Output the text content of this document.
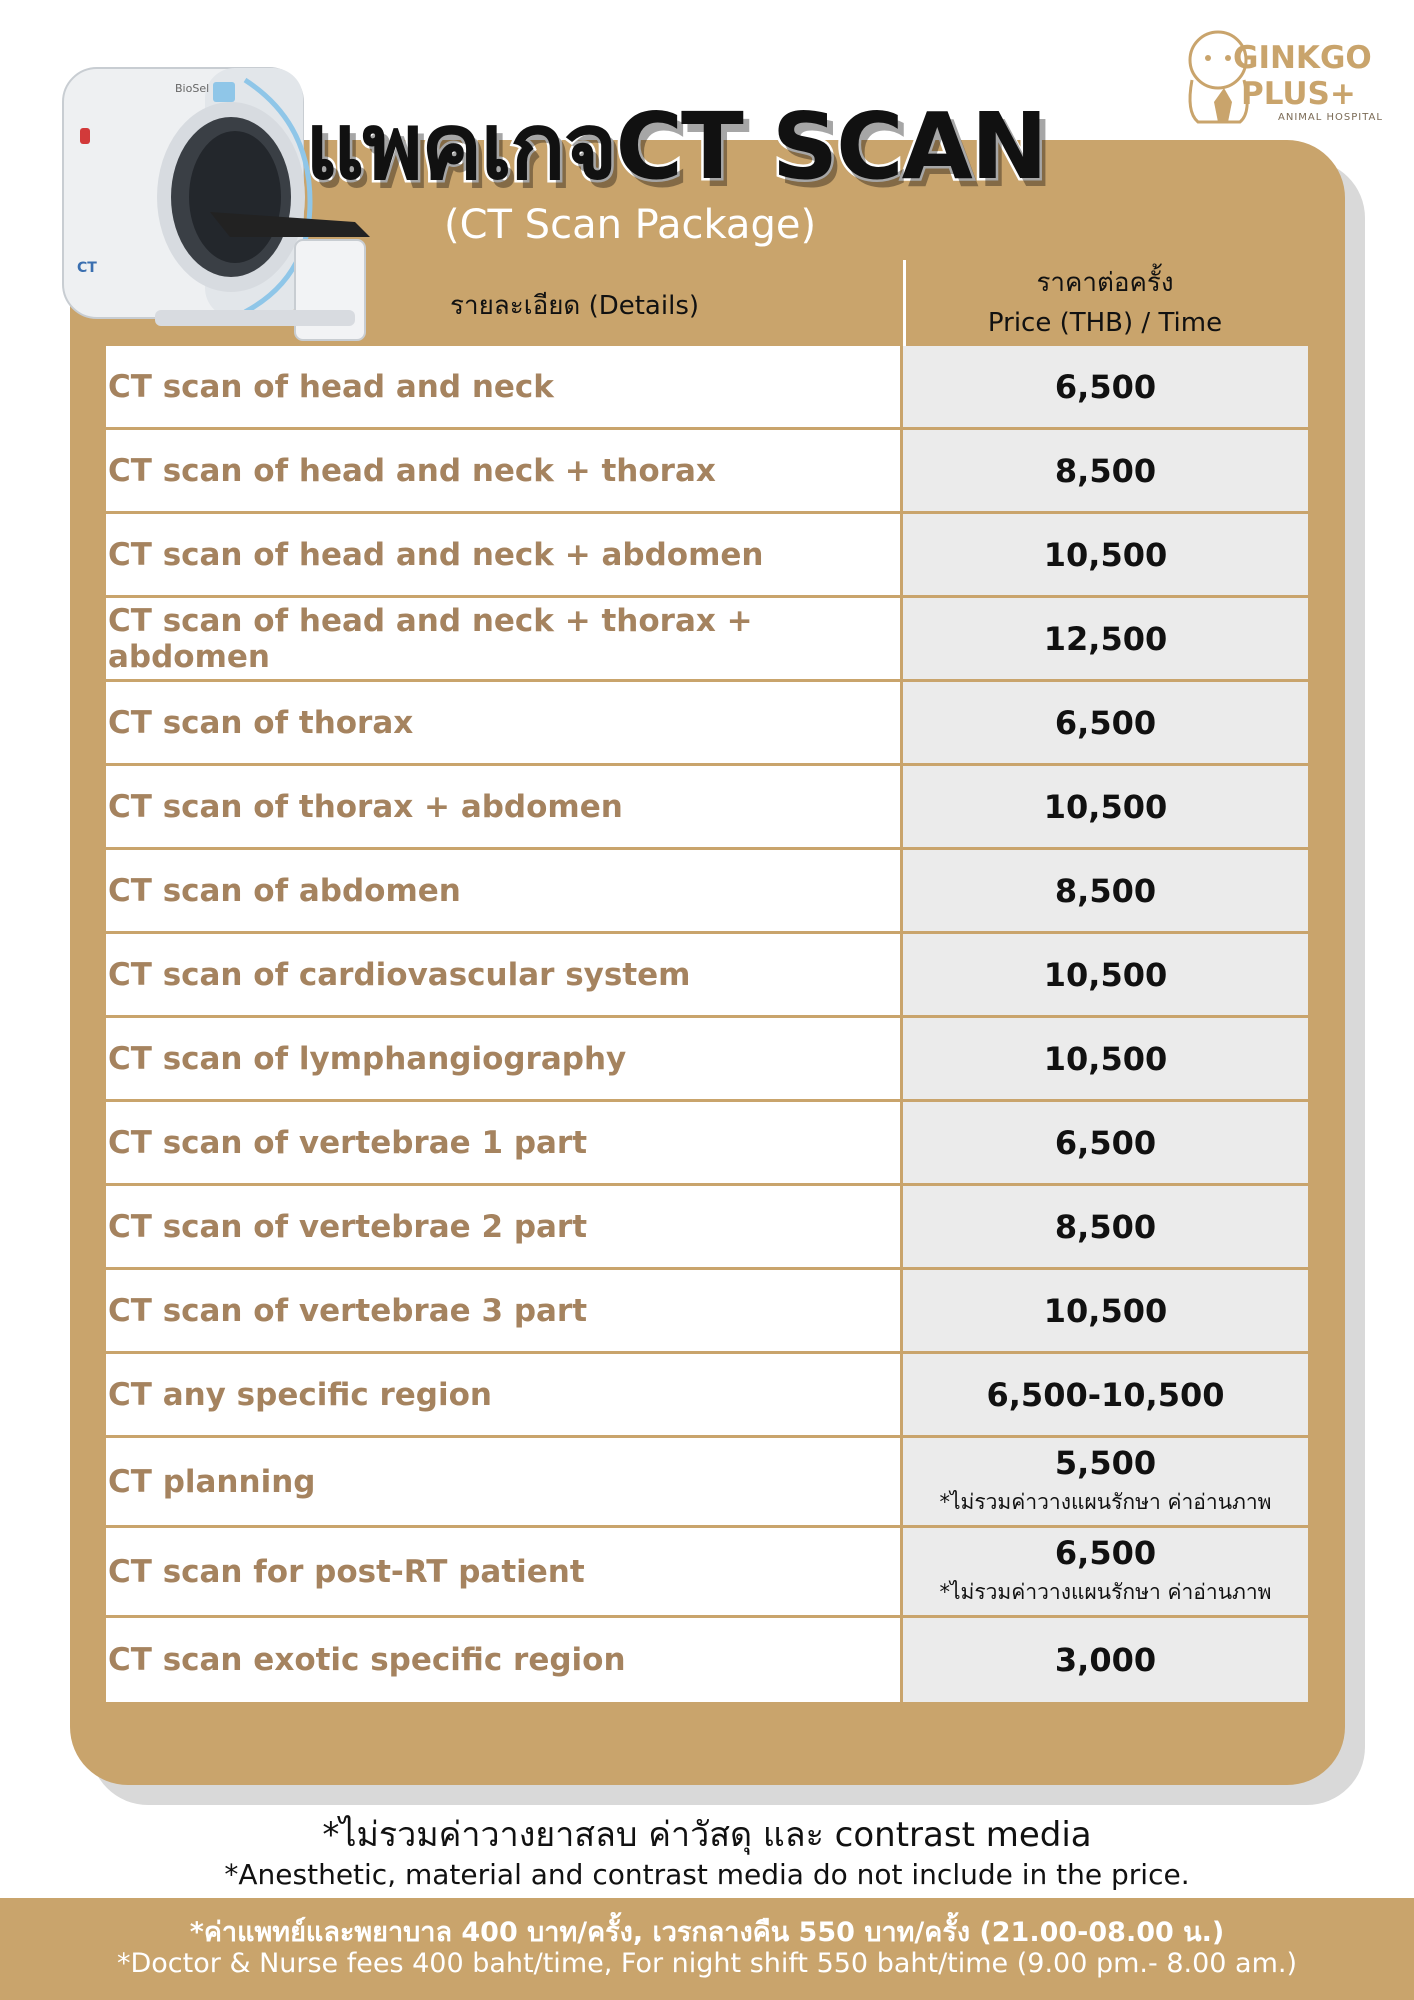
BioSel
CT
แพคเกจCT SCAN
(CT Scan Package)
GINKGO
PLUS+
ANIMAL HOSPITAL
รายละเอียด (Details)
ราคาต่อครั้ง
Price (THB) / Time
CT scan of head and neck	6,500
CT scan of head and neck + thorax	8,500
CT scan of head and neck + abdomen	10,500
CT scan of head and neck + thorax + abdomen	12,500
CT scan of thorax	6,500
CT scan of thorax + abdomen	10,500
CT scan of abdomen	8,500
CT scan of cardiovascular system	10,500
CT scan of lymphangiography	10,500
CT scan of vertebrae 1 part	6,500
CT scan of vertebrae 2 part	8,500
CT scan of vertebrae 3 part	10,500
CT any specific region	6,500-10,500
CT planning	5,500
*ไม่รวมค่าวางแผนรักษา ค่าอ่านภาพ
CT scan for post-RT patient	6,500
*ไม่รวมค่าวางแผนรักษา ค่าอ่านภาพ
CT scan exotic specific region	3,000
*ไม่รวมค่าวางยาสลบ ค่าวัสดุ และ contrast media
*Anesthetic, material and contrast media do not include in the price.
*ค่าแพทย์และพยาบาล 400 บาท/ครั้ง, เวรกลางคืน 550 บาท/ครั้ง (21.00-08.00 น.)
*Doctor & Nurse fees 400 baht/time, For night shift 550 baht/time (9.00 pm.- 8.00 am.)
